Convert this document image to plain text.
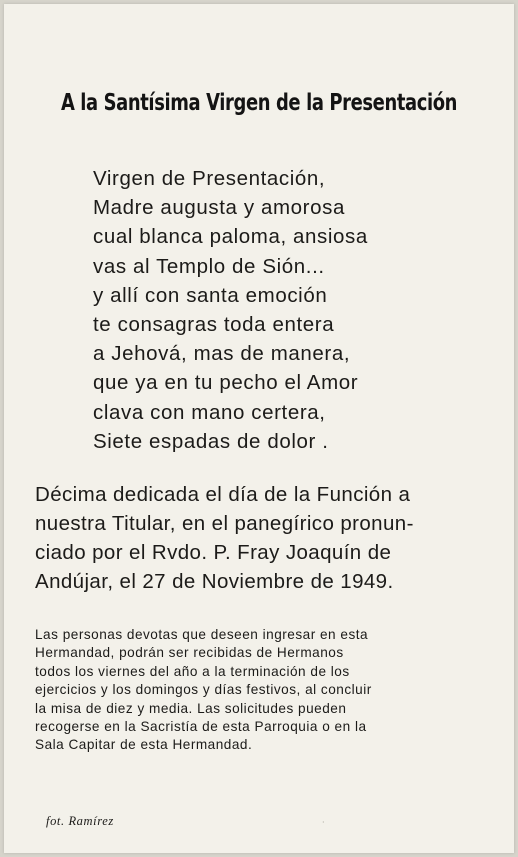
A la Santísima Virgen de la Presentación
Virgen de Presentación,
Madre augusta y amorosa
cual blanca paloma, ansiosa
vas al Templo de Sión...
y allí con santa emoción
te consagras toda entera
a Jehová, mas de manera,
que ya en tu pecho el Amor
clava con mano certera,
Siete espadas de dolor .

Décima dedicada el día de la Función a
nuestra Titular, en el panegírico pronun-
ciado por el Rvdo. P. Fray Joaquín de
Andújar, el 27 de Noviembre de 1949.

Las personas devotas que deseen ingresar en esta
Hermandad, podrán ser recibidas de Hermanos
todos los viernes del año a la terminación de los
ejercicios y los domingos y días festivos, al concluir
la misa de diez y media. Las solicitudes pueden
recogerse en la Sacristía de esta Parroquia o en la
Sala Capitar de esta Hermandad.

fot. Ramírez	⋅
